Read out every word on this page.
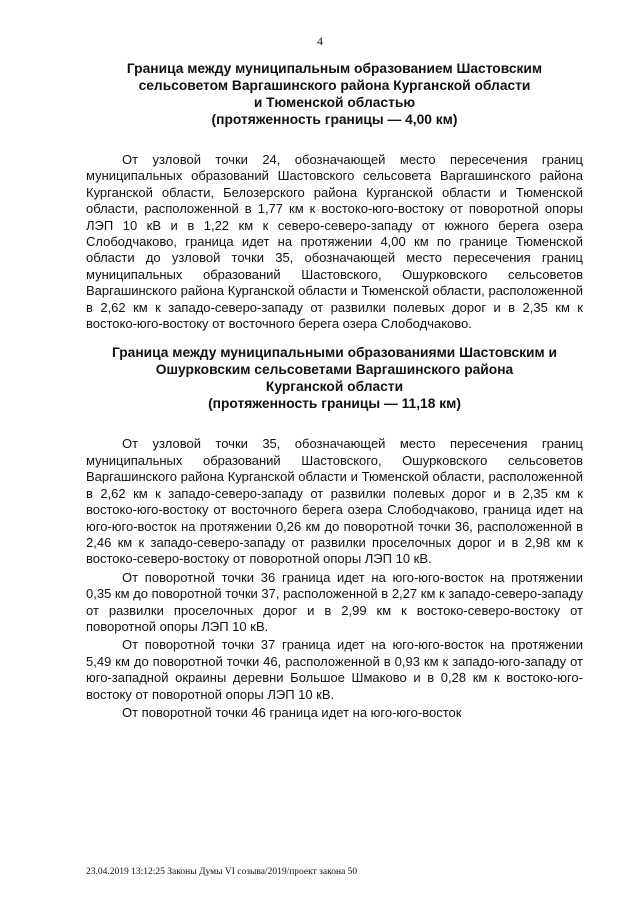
4
Граница между муниципальным образованием Шастовским
сельсоветом Варгашинского района Курганской области
и Тюменской областью
(протяженность границы — 4,00 км)

От узловой точки 24, обозначающей место пересечения границ муниципальных образований Шастовского сельсовета Варгашинского района Курганской области, Белозерского района Курганской области и Тюменской области, расположенной в 1,77 км к востоко-юго-востоку от поворотной опоры ЛЭП 10 кВ и в 1,22 км к северо-северо-западу от южного берега озера Слободчаково, граница идет на протяжении 4,00 км по границе Тюменской области до узловой точки 35, обозначающей место пересечения границ муниципальных образований Шастовского, Ошурковского сельсоветов Варгашинского района Курганской области и Тюменской области, расположенной в 2,62 км к западо-северо-западу от развилки полевых дорог и в 2,35 км к востоко-юго-востоку от восточного берега озера Слободчаково.

Граница между муниципальными образованиями Шастовским и
Ошурковским сельсоветами Варгашинского района
Курганской области
(протяженность границы — 11,18 км)

От узловой точки 35, обозначающей место пересечения границ муниципальных образований Шастовского, Ошурковского сельсоветов Варгашинского района Курганской области и Тюменской области, расположенной в 2,62 км к западо-северо-западу от развилки полевых дорог и в 2,35 км к востоко-юго-востоку от восточного берега озера Слободчаково, граница идет на юго-юго-восток на протяжении 0,26 км до поворотной точки 36, расположенной в 2,46 км к западо-северо-западу от развилки проселочных дорог и в 2,98 км к востоко-северо-востоку от поворотной опоры ЛЭП 10 кВ.

От поворотной точки 36 граница идет на юго-юго-восток на протяжении 0,35 км до поворотной точки 37, расположенной в 2,27 км к западо-северо-западу от развилки проселочных дорог и в 2,99 км к востоко-северо-востоку от поворотной опоры ЛЭП 10 кВ.

От поворотной точки 37 граница идет на юго-юго-восток на протяжении 5,49 км до поворотной точки 46, расположенной в 0,93 км к западо-юго-западу от юго-западной окраины деревни Большое Шмаково и в 0,28 км к востоко-юго-востоку от поворотной опоры ЛЭП 10 кВ.

От поворотной точки 46 граница идет на юго-юго-восток

23.04.2019 13:12:25 Законы Думы VI созыва/2019/проект закона 50
